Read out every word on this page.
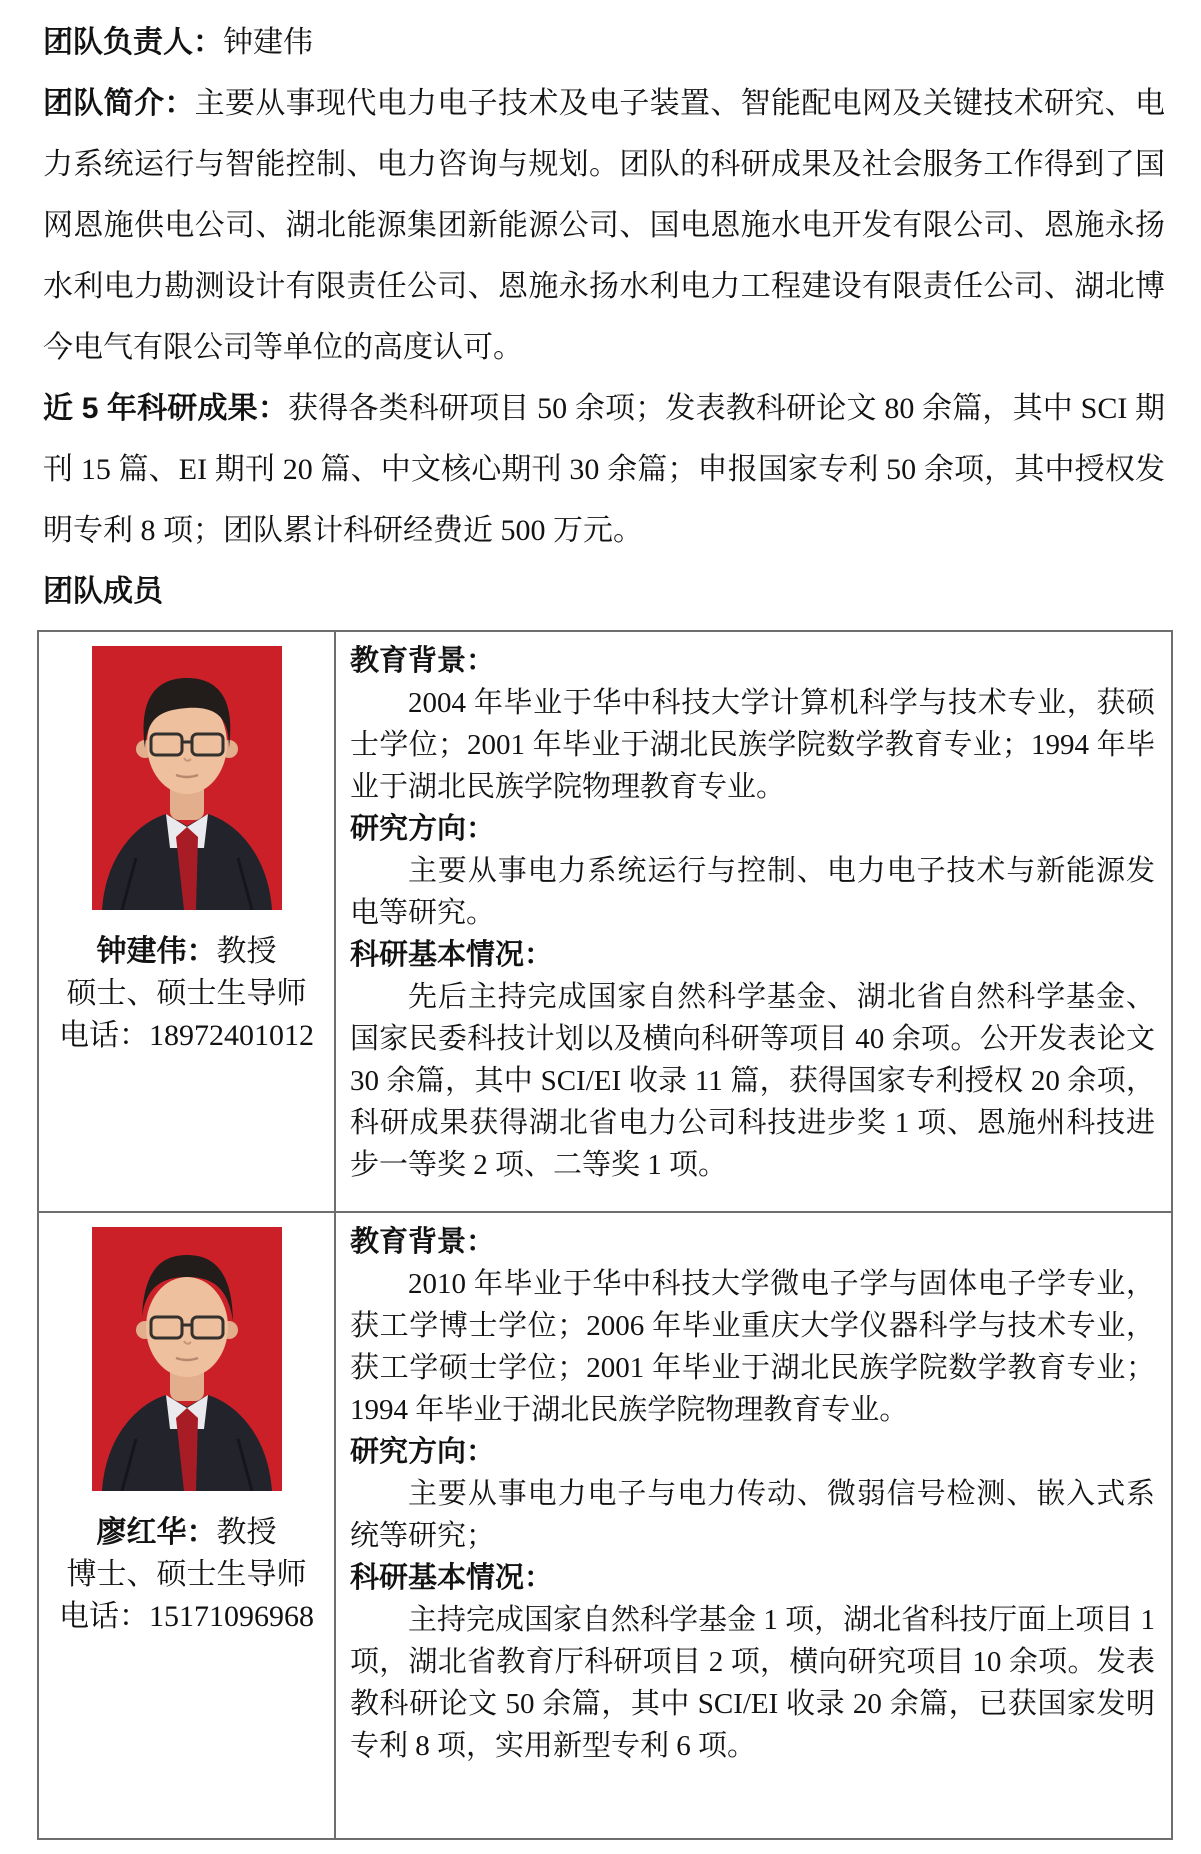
团队负责人：钟建伟

团队简介：主要从事现代电力电子技术及电子装置、智能配电网及关键技术研究、电力系统运行与智能控制、电力咨询与规划。团队的科研成果及社会服务工作得到了国网恩施供电公司、湖北能源集团新能源公司、国电恩施水电开发有限公司、恩施永扬水利电力勘测设计有限责任公司、恩施永扬水利电力工程建设有限责任公司、湖北博今电气有限公司等单位的高度认可。

近 5 年科研成果：获得各类科研项目 50 余项；发表教科研论文 80 余篇，其中 SCI 期刊 15 篇、EI 期刊 20 篇、中文核心期刊 30 余篇；申报国家专利 50 余项，其中授权发明专利 8 项；团队累计科研经费近 500 万元。

团队成员

钟建伟：教授
硕士、硕士生导师
电话：18972401012

教育背景：

2004 年毕业于华中科技大学计算机科学与技术专业，获硕士学位；2001 年毕业于湖北民族学院数学教育专业；1994 年毕业于湖北民族学院物理教育专业。

研究方向：

主要从事电力系统运行与控制、电力电子技术与新能源发电等研究。

科研基本情况：

先后主持完成国家自然科学基金、湖北省自然科学基金、国家民委科技计划以及横向科研等项目 40 余项。公开发表论文 30 余篇，其中 SCI/EI 收录 11 篇，获得国家专利授权 20 余项，科研成果获得湖北省电力公司科技进步奖 1 项、恩施州科技进步一等奖 2 项、二等奖 1 项。

廖红华：教授
博士、硕士生导师
电话：15171096968

教育背景：

2010 年毕业于华中科技大学微电子学与固体电子学专业，获工学博士学位；2006 年毕业重庆大学仪器科学与技术专业，获工学硕士学位；2001 年毕业于湖北民族学院数学教育专业；1994 年毕业于湖北民族学院物理教育专业。

研究方向：

主要从事电力电子与电力传动、微弱信号检测、嵌入式系统等研究；

科研基本情况：

主持完成国家自然科学基金 1 项，湖北省科技厅面上项目 1 项，湖北省教育厅科研项目 2 项，横向研究项目 10 余项。发表教科研论文 50 余篇，其中 SCI/EI 收录 20 余篇，已获国家发明专利 8 项，实用新型专利 6 项。
